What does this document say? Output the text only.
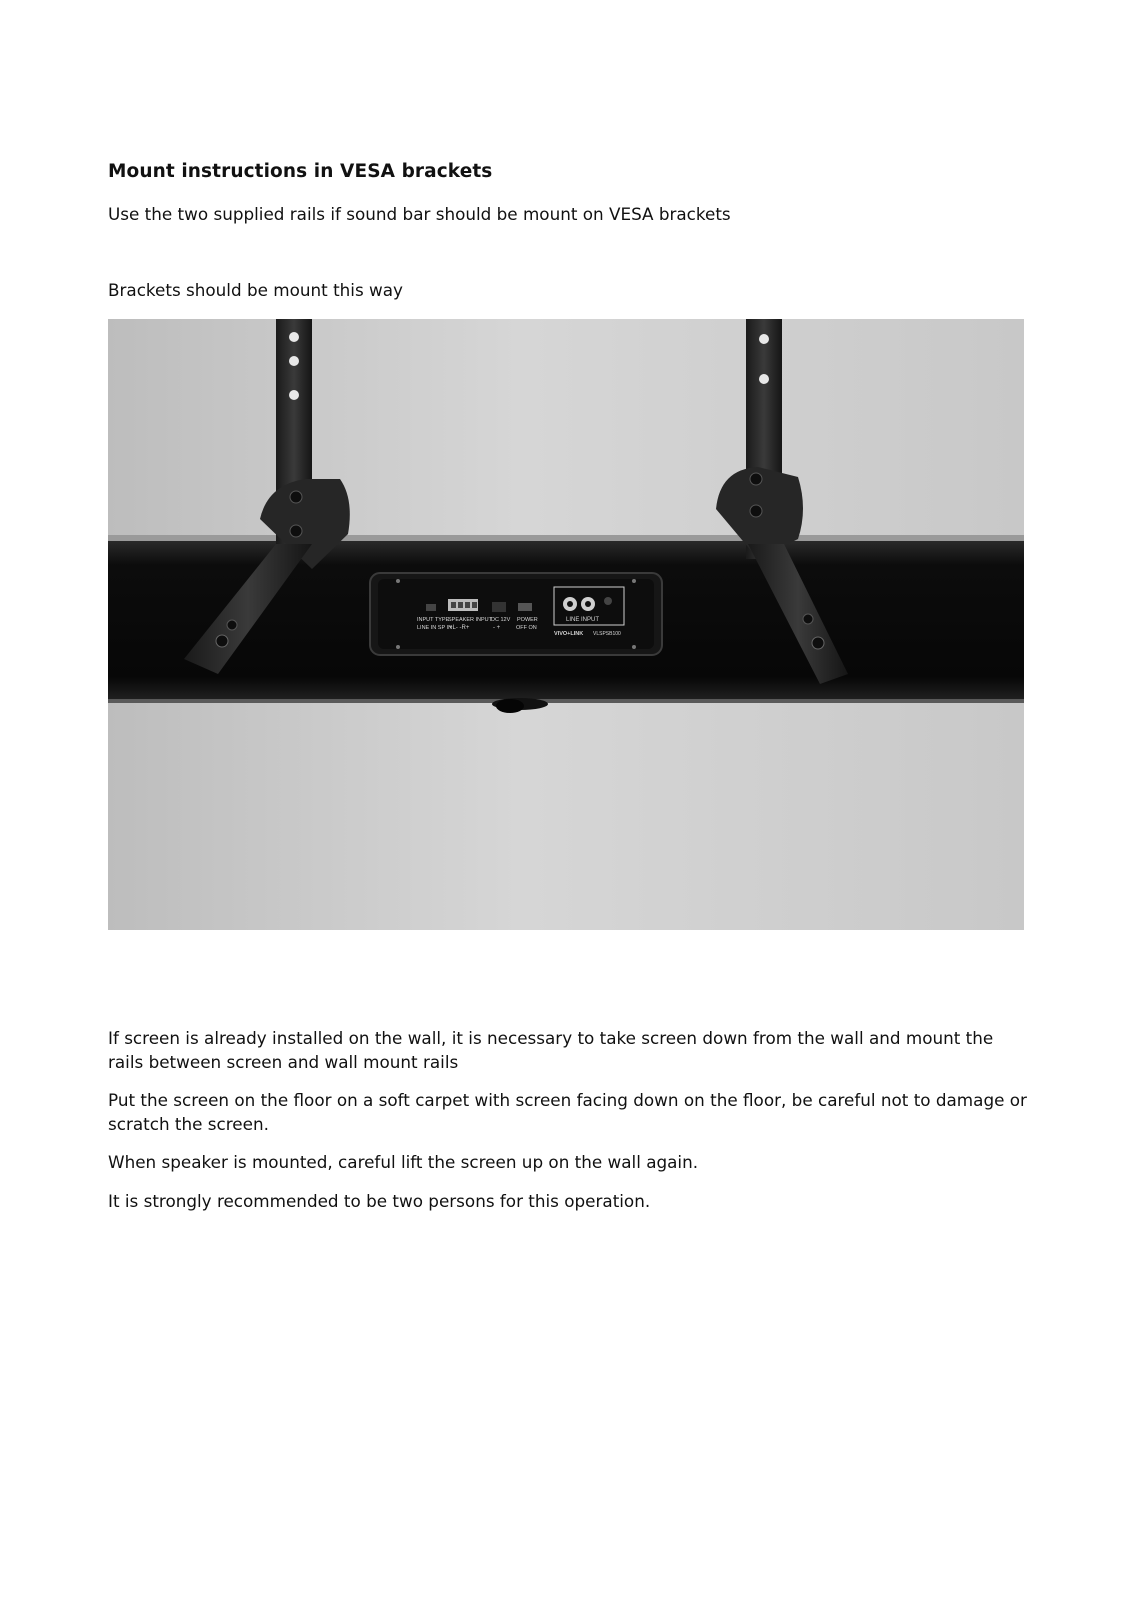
Mount instructions in VESA brackets

Use the two supplied rails if sound bar should be mount on VESA brackets

Brackets should be mount this way

INPUT TYPE
LINE IN SP IN
SPEAKER INPUT
+L- -R+
DC 12V
- +
POWER
OFF ON
LINE INPUT
VIVO+LINK VLSPSB100

If screen is already installed on the wall, it is necessary to take screen down from the wall and mount the rails between screen and wall mount rails

Put the screen on the floor on a soft carpet with screen facing down on the floor, be careful not to damage or scratch the screen.

When speaker is mounted, careful lift the screen up on the wall again.

It is strongly recommended to be two persons for this operation.
